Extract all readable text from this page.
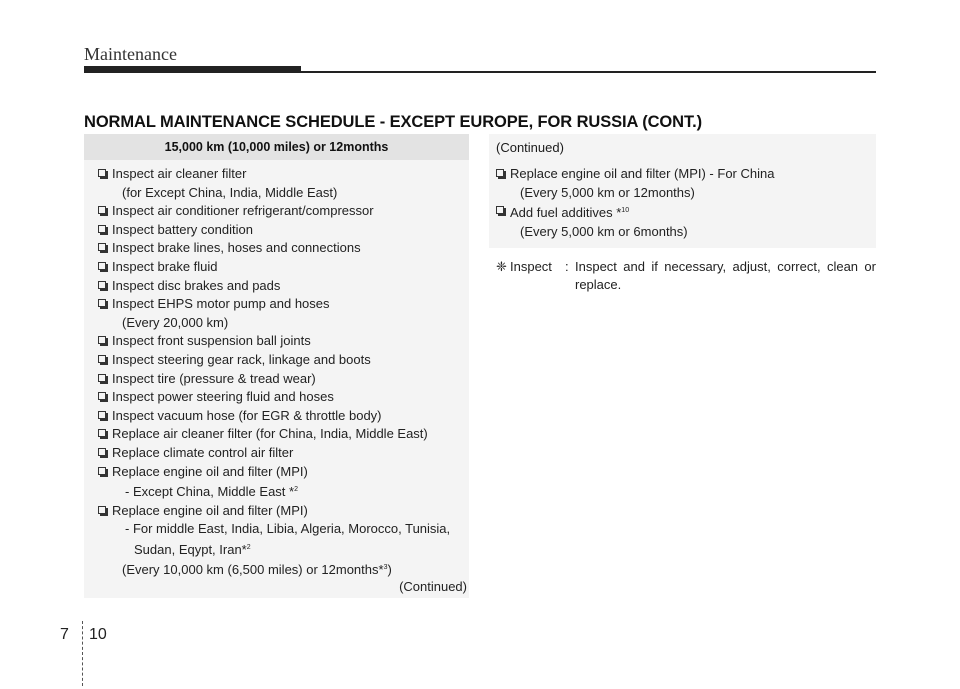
Maintenance
NORMAL MAINTENANCE SCHEDULE - EXCEPT EUROPE, FOR RUSSIA (CONT.)
15,000 km (10,000 miles) or 12months
Inspect air cleaner filter
(for Except China, India, Middle East)
Inspect air conditioner refrigerant/compressor
Inspect battery condition
Inspect brake lines, hoses and connections
Inspect brake fluid
Inspect disc brakes and pads
Inspect EHPS motor pump and hoses
(Every 20,000 km)
Inspect front suspension ball joints
Inspect steering gear rack, linkage and boots
Inspect tire (pressure & tread wear)
Inspect power steering fluid and hoses
Inspect vacuum hose (for EGR & throttle body)
Replace air cleaner filter (for China, India, Middle East)
Replace climate control air filter
Replace engine oil and filter (MPI)
- Except China, Middle East *$^2$
Replace engine oil and filter (MPI)
- For middle East, India, Libia, Algeria, Morocco, Tunisia,
Sudan, Eqypt, Iran*$^2$
(Every 10,000 km (6,500 miles) or 12months*$^3$)
(Continued)
(Continued)
Replace engine oil and filter (MPI) - For China
(Every 5,000 km or 12months)
Add fuel additives *$^{10}$
(Every 5,000 km or 6months)
❈ Inspect	: Inspect and if necessary, adjust, correct, clean or replace.
7 10
